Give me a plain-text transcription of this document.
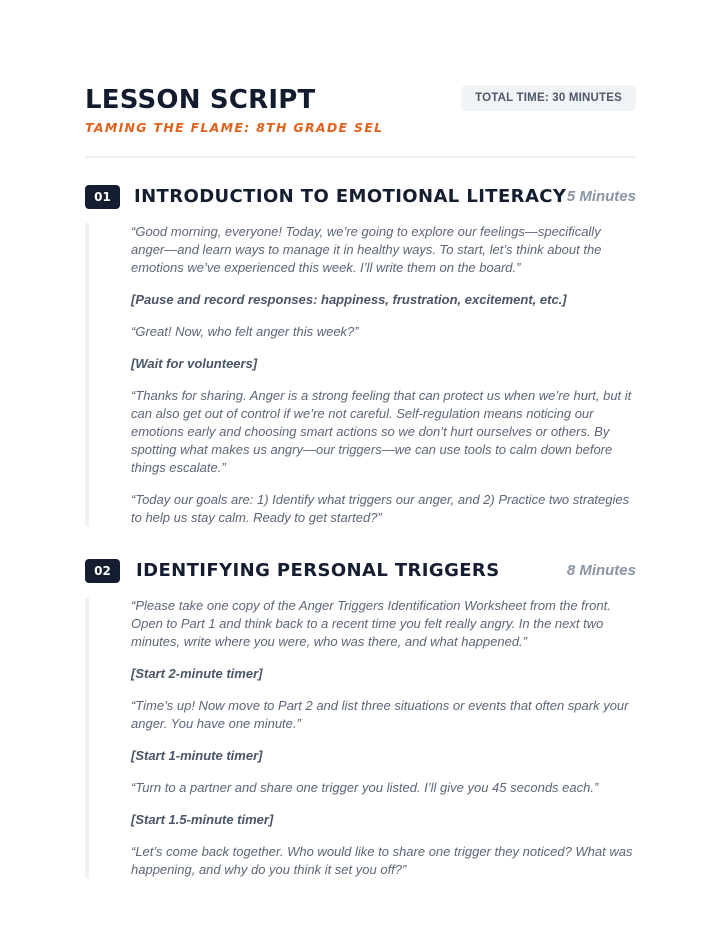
LESSON SCRIPT
TAMING THE FLAME: 8TH GRADE SEL
TOTAL TIME: 30 MINUTES
01	INTRODUCTION TO EMOTIONAL LITERACY 5 Minutes

“Good morning, everyone! Today, we’re going to explore our feelings—specifically anger—and learn ways to manage it in healthy ways. To start, let’s think about the emotions we’ve experienced this week. I’ll write them on the board.”

[Pause and record responses: happiness, frustration, excitement, etc.]

“Great! Now, who felt anger this week?”

[Wait for volunteers]

“Thanks for sharing. Anger is a strong feeling that can protect us when we’re hurt, but it can also get out of control if we’re not careful. Self-regulation means noticing our emotions early and choosing smart actions so we don’t hurt ourselves or others. By spotting what makes us angry—our triggers—we can use tools to calm down before things escalate.”

“Today our goals are: 1) Identify what triggers our anger, and 2) Practice two strategies to help us stay calm. Ready to get started?”

02	IDENTIFYING PERSONAL TRIGGERS	8 Minutes

“Please take one copy of the Anger Triggers Identification Worksheet from the front. Open to Part 1 and think back to a recent time you felt really angry. In the next two minutes, write where you were, who was there, and what happened.”

[Start 2-minute timer]

“Time’s up! Now move to Part 2 and list three situations or events that often spark your anger. You have one minute.”

[Start 1-minute timer]

“Turn to a partner and share one trigger you listed. I’ll give you 45 seconds each.”

[Start 1.5-minute timer]

“Let’s come back together. Who would like to share one trigger they noticed? What was happening, and why do you think it set you off?”
